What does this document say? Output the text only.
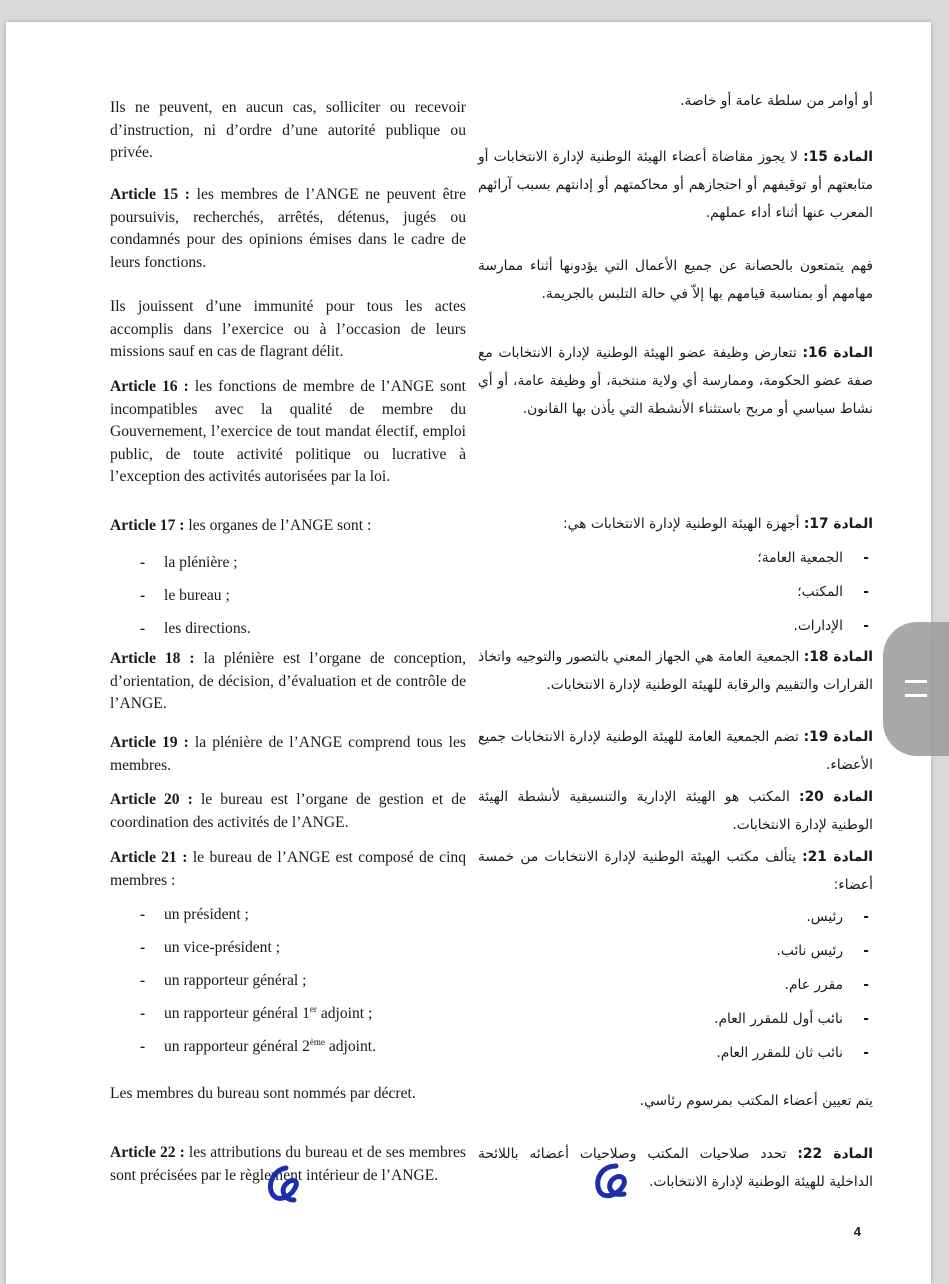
Ils ne peuvent, en aucun cas, solliciter ou recevoir d’instruction, ni d’ordre d’une autorité publique ou privée.

Article 15 : les membres de l’ANGE ne peuvent être poursuivis, recherchés, arrêtés, détenus, jugés ou condamnés pour des opinions émises dans le cadre de leurs fonctions.

Ils jouissent d’une immunité pour tous les actes accomplis dans l’exercice ou à l’occasion de leurs missions sauf en cas de flagrant délit.

Article 16 : les fonctions de membre de l’ANGE sont incompatibles avec la qualité de membre du Gouvernement, l’exercice de tout mandat électif, emploi public, de toute activité politique ou lucrative à l’exception des activités autorisées par la loi.

Article 17 : les organes de l’ANGE sont :

- la plénière ;
- le bureau ;
- les directions.

Article 18 : la plénière est l’organe de conception, d’orientation, de décision, d’évaluation et de contrôle de l’ANGE.

Article 19 : la plénière de l’ANGE comprend tous les membres.

Article 20 : le bureau est l’organe de gestion et de coordination des activités de l’ANGE.

Article 21 : le bureau de l’ANGE est composé de cinq membres :

- un président ;
- un vice-président ;
- un rapporteur général ;
- un rapporteur général 1er adjoint ;
- un rapporteur général 2ème adjoint.

Les membres du bureau sont nommés par décret.

Article 22 : les attributions du bureau et de ses membres sont précisées par le règlement intérieur de l’ANGE.

أو أوامر من سلطة عامة أو خاصة.

المادة 15: لا يجوز مقاضاة أعضاء الهيئة الوطنية لإدارة الانتخابات أو متابعتهم أو توقيفهم أو احتجازهم أو محاكمتهم أو إدانتهم بسبب آرائهم المعرب عنها أثناء أداء عملهم.

فهم يتمتعون بالحصانة عن جميع الأعمال التي يؤدونها أثناء ممارسة مهامهم أو بمناسبة قيامهم بها إلاّ في حالة التلبس بالجريمة.

المادة 16: تتعارض وظيفة عضو الهيئة الوطنية لإدارة الانتخابات مع صفة عضو الحكومة، وممارسة أي ولاية منتخبة، أو وظيفة عامة، أو أي نشاط سياسي أو مربح باستثناء الأنشطة التي يأذن بها القانون.

المادة 17: أجهزة الهيئة الوطنية لإدارة الانتخابات هي:

- الجمعية العامة؛
- المكتب؛
- الإدارات.

المادة 18: الجمعية العامة هي الجهاز المعني بالتصور والتوجيه واتخاذ القرارات والتقييم والرقابة للهيئة الوطنية لإدارة الانتخابات.

المادة 19: تضم الجمعية العامة للهيئة الوطنية لإدارة الانتخابات جميع الأعضاء.

المادة 20: المكتب هو الهيئة الإدارية والتنسيقية لأنشطة الهيئة الوطنية لإدارة الانتخابات.

المادة 21: يتألف مكتب الهيئة الوطنية لإدارة الانتخابات من خمسة أعضاء:

- رئيس.
- رئيس نائب.
- مقرر عام.
- نائب أول للمقرر العام.
- نائب ثان للمقرر العام.

يتم تعيين أعضاء المكتب بمرسوم رئاسي.

المادة 22: تحدد صلاحيات المكتب وصلاحيات أعضائه باللائحة الداخلية للهيئة الوطنية لإدارة الانتخابات.

4
